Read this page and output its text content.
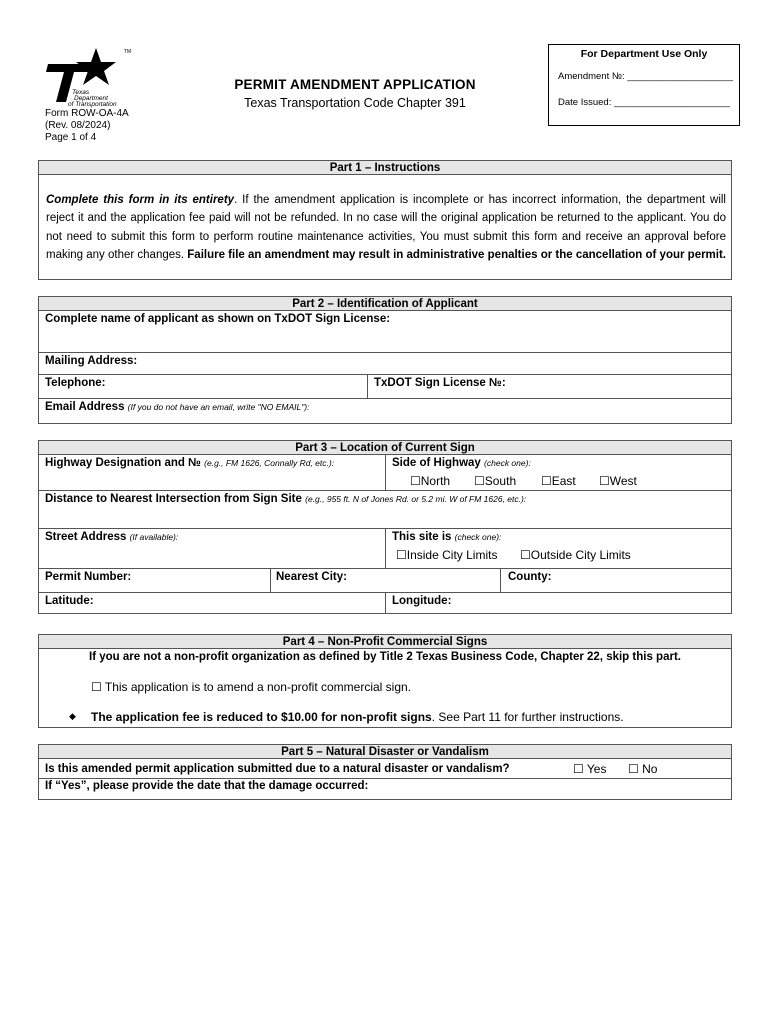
TM
Texas
Department
of Transportation
Form ROW-OA-4A
(Rev. 08/2024)
Page 1 of 4
PERMIT AMENDMENT APPLICATION
Texas Transportation Code Chapter 391
For Department Use Only
Amendment №: ____________________
Date Issued: ______________________
Part 1 – Instructions
Complete this form in its entirety. If the amendment application is incomplete or has incorrect information, the department will reject it and the application fee paid will not be refunded. In no case will the original application be returned to the applicant. You do not need to submit this form to perform routine maintenance activities, You must submit this form and receive an approval before making any other changes. Failure file an amendment may result in administrative penalties or the cancellation of your permit.
Part 2 – Identification of Applicant
Complete name of applicant as shown on TxDOT Sign License:
Mailing Address:
Telephone:	TxDOT Sign License №:
Email Address (If you do not have an email, write "NO EMAIL"):
Part 3 – Location of Current Sign
Highway Designation and № (e.g., FM 1626, Connally Rd, etc.):	Side of Highway (check one):
☐North ☐South ☐East ☐West
Distance to Nearest Intersection from Sign Site (e.g., 955 ft. N of Jones Rd. or 5.2 mi. W of FM 1626, etc.):
Street Address (If available):	This site is (check one):
☐Inside City Limits ☐Outside City Limits
Permit Number:	Nearest City:	County:
Latitude:	Longitude:
Part 4 – Non-Profit Commercial Signs
If you are not a non-profit organization as defined by Title 2 Texas Business Code, Chapter 22, skip this part.
☐ This application is to amend a non-profit commercial sign.
◆ The application fee is reduced to $10.00 for non-profit signs. See Part 11 for further instructions.
Part 5 – Natural Disaster or Vandalism
Is this amended permit application submitted due to a natural disaster or vandalism?	☐ Yes ☐ No
If “Yes”, please provide the date that the damage occurred:
